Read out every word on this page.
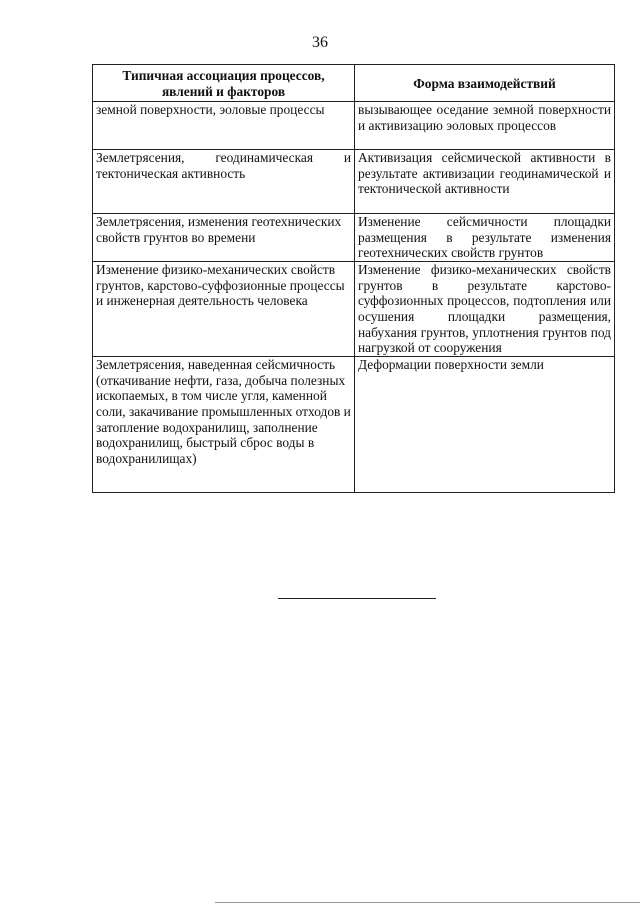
36
Типичная ассоциация процессов, явлений и факторов	Форма взаимодействий
земной поверхности, эоловые процессы	вызывающее оседание земной поверхности и активизацию эоловых процессов
Землетрясения, геодинамическая и тектоническая активность	Активизация сейсмической активности в результате активизации геодинамической и тектонической активности
Землетрясения, изменения геотехнических свойств грунтов во времени	Изменение сейсмичности площадки размещения в результате изменения геотехнических свойств грунтов
Изменение физико-механических свойств грунтов, карстово-суффозионные процессы и инженерная деятельность человека	Изменение физико-механических свойств грунтов в результате карстово-суффозионных процессов, подтопления или осушения площадки размещения, набухания грунтов, уплотнения грунтов под нагрузкой от сооружения
Землетрясения, наведенная сейсмичность (откачивание нефти, газа, добыча полезных ископаемых, в том числе угля, каменной соли, закачивание промышленных отходов и затопление водохранилищ, заполнение водохранилищ, быстрый сброс воды в водохранилищах)	Деформации поверхности земли
